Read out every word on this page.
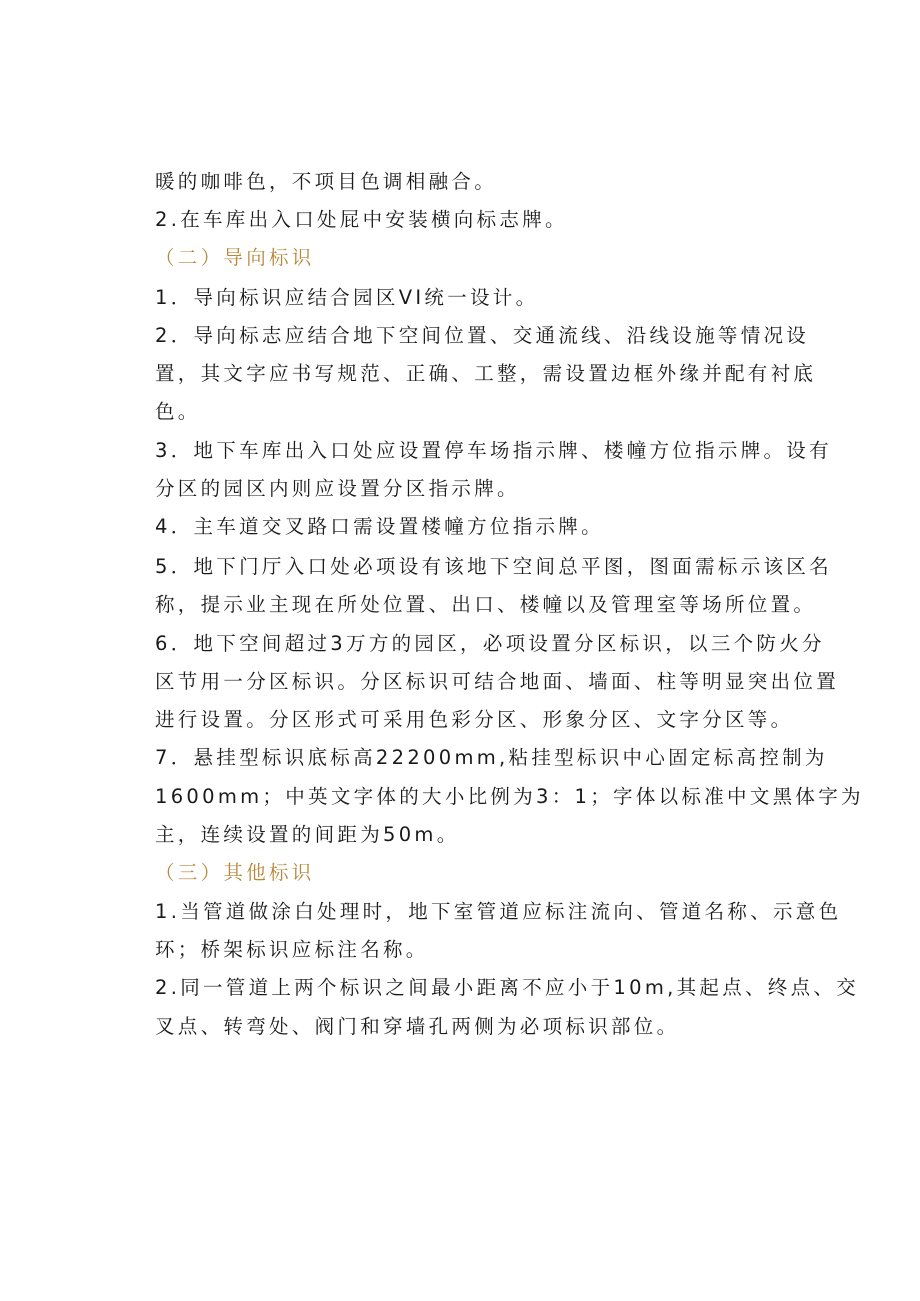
暖的咖啡色，不项目色调相融合。
2.在车库出入口处屁中安装横向标志牌。
（二）导向标识
1．导向标识应结合园区VI统一设计。
2．导向标志应结合地下空间位置、交通流线、沿线设施等情况设
置，其文字应书写规范、正确、工整，需设置边框外缘并配有衬底
色。
3．地下车库出入口处应设置停车场指示牌、楼幢方位指示牌。设有
分区的园区内则应设置分区指示牌。
4．主车道交叉路口需设置楼幢方位指示牌。
5．地下门厅入口处必项设有该地下空间总平图，图面需标示该区名
称，提示业主现在所处位置、出口、楼幢以及管理室等场所位置。
6．地下空间超过3万方的园区，必项设置分区标识，以三个防火分
区节用一分区标识。分区标识可结合地面、墙面、柱等明显突出位置
进行设置。分区形式可采用色彩分区、形象分区、文字分区等。
7．悬挂型标识底标高22200mm,粘挂型标识中心固定标高控制为
1600mm；中英文字体的大小比例为3：1；字体以标准中文黑体字为
主，连续设置的间距为50m。
（三）其他标识
1.当管道做涂白处理时，地下室管道应标注流向、管道名称、示意色
环；桥架标识应标注名称。
2.同一管道上两个标识之间最小距离不应小于10m,其起点、终点、交
叉点、转弯处、阀门和穿墙孔两侧为必项标识部位。
